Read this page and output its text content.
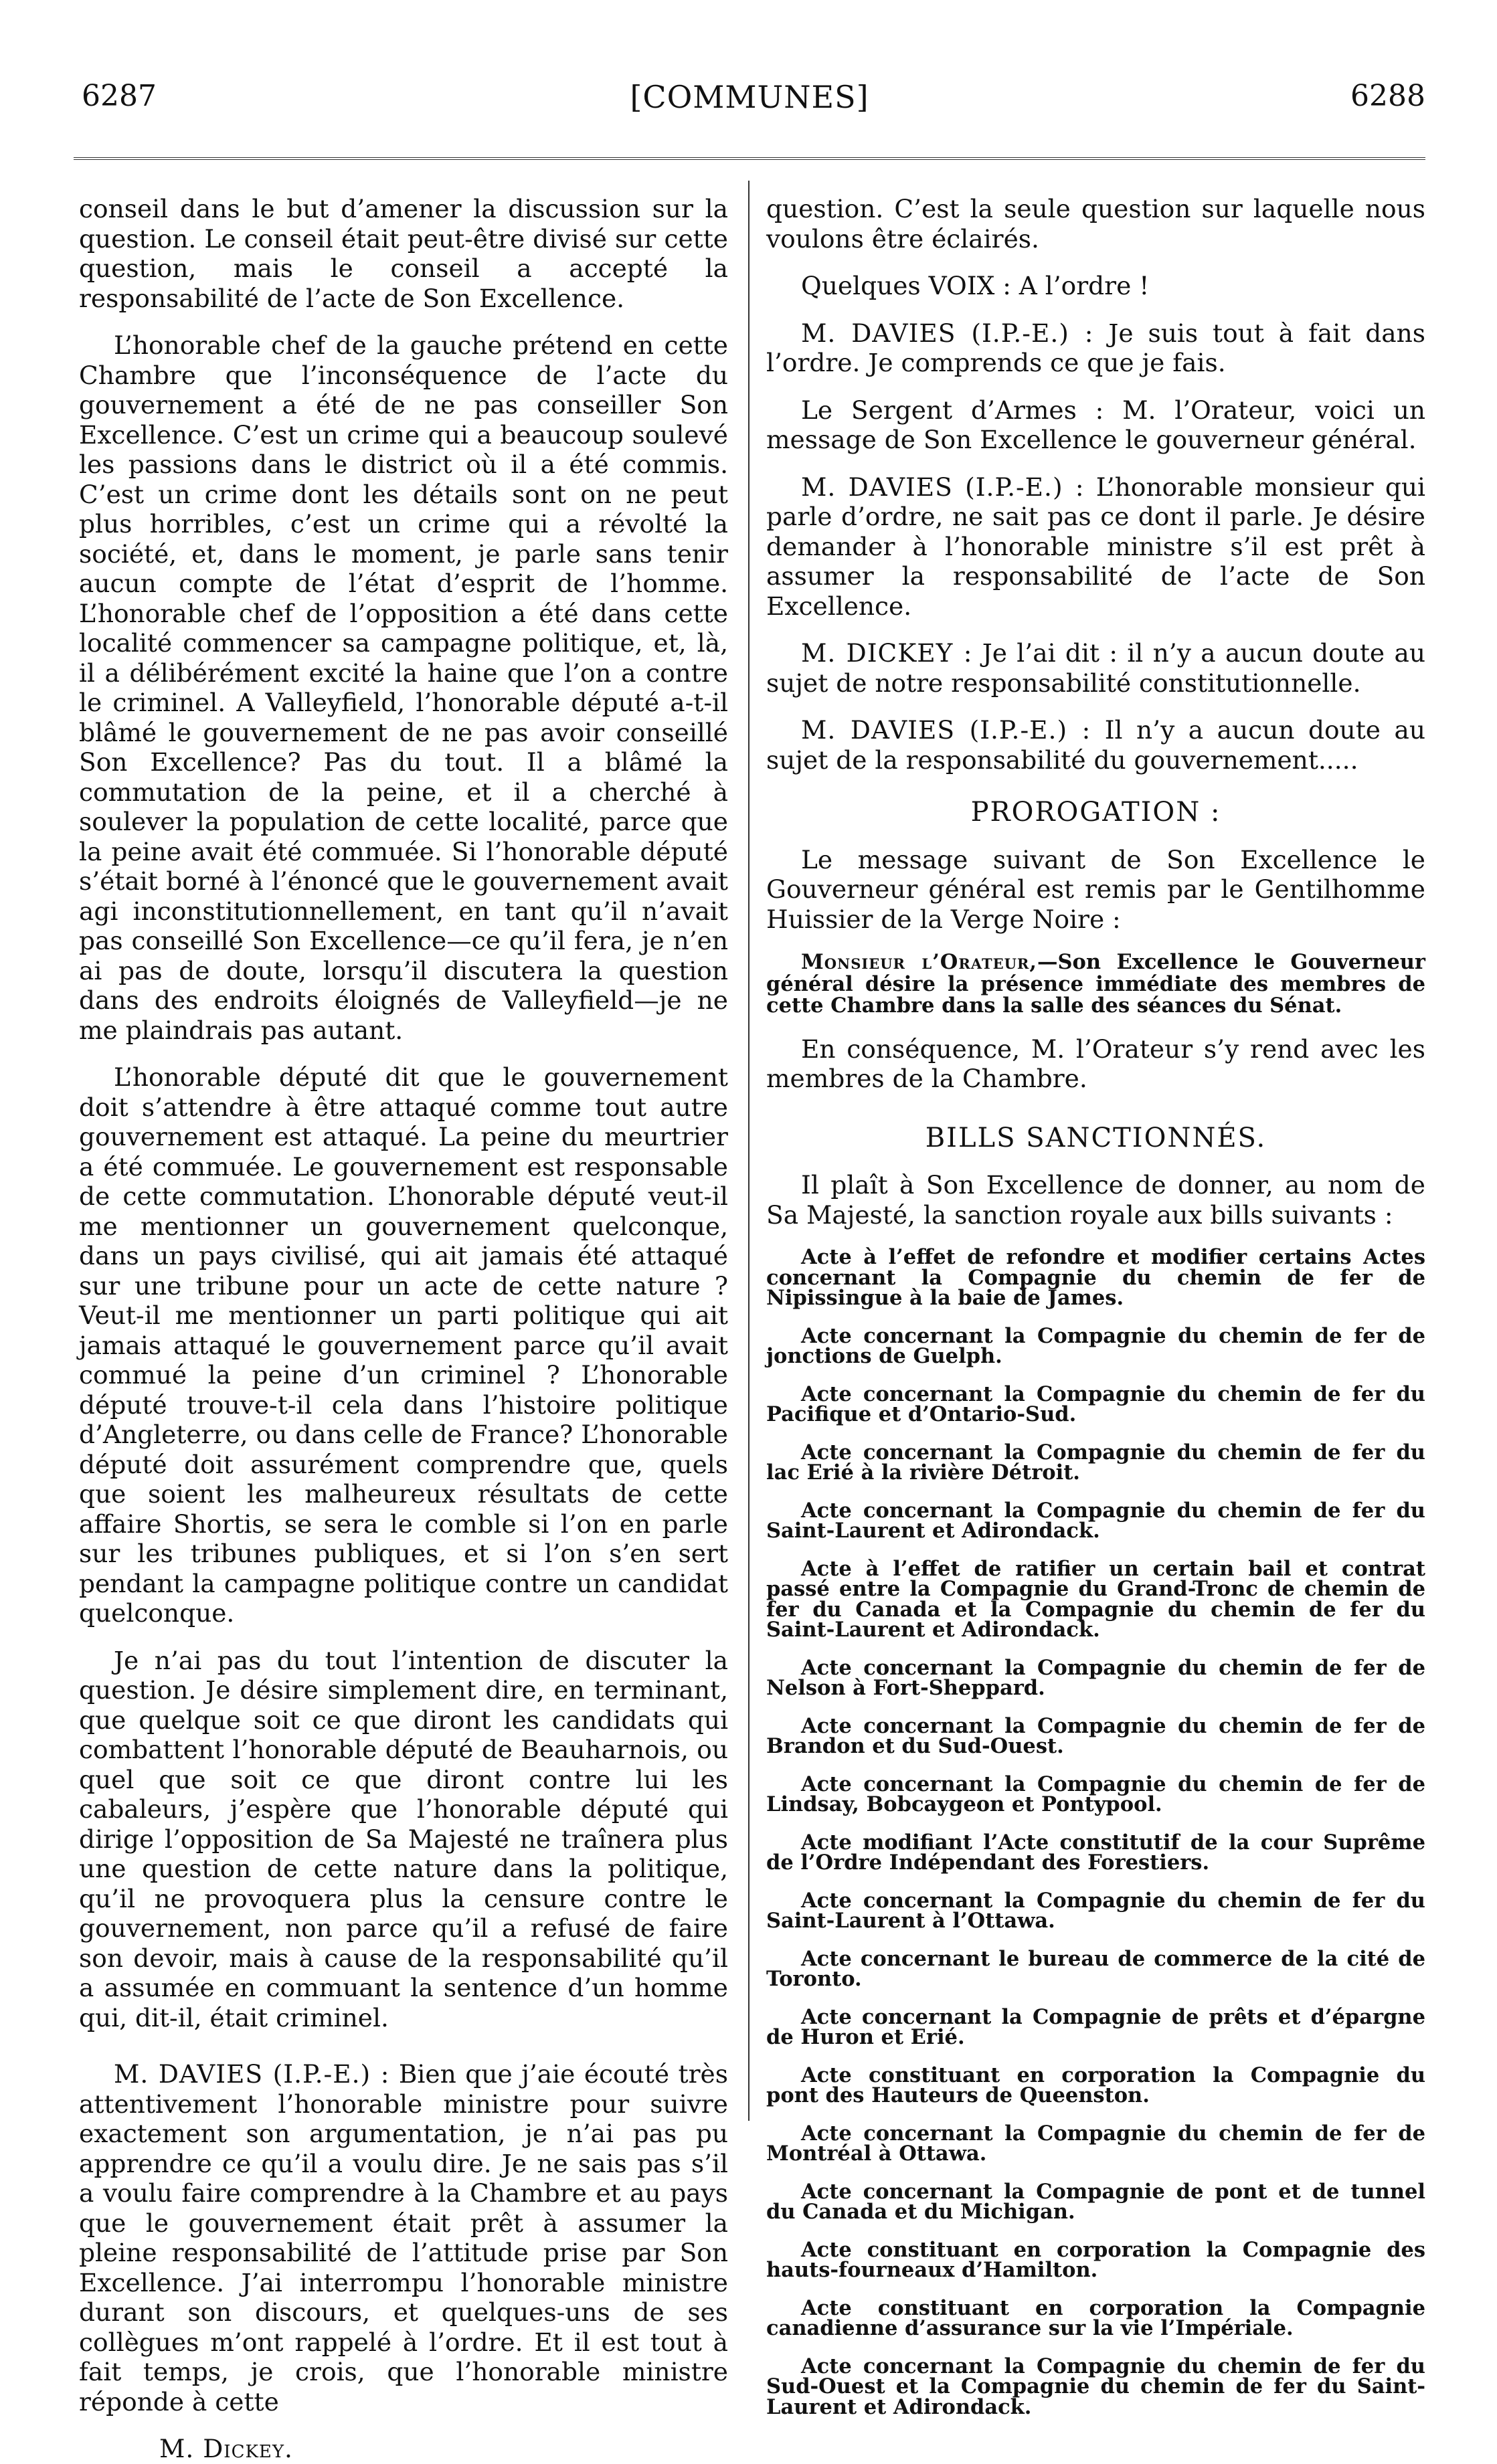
6287	[COMMUNES]	6288

conseil dans le but d’amener la discussion sur la question. Le conseil était peut-être divisé sur cette question, mais le conseil a accepté la responsabilité de l’acte de Son Excellence.

L’honorable chef de la gauche prétend en cette Chambre que l’inconséquence de l’acte du gouvernement a été de ne pas conseiller Son Excellence. C’est un crime qui a beaucoup soulevé les passions dans le district où il a été commis. C’est un crime dont les détails sont on ne peut plus horribles, c’est un crime qui a révolté la société, et, dans le moment, je parle sans tenir aucun compte de l’état d’esprit de l’homme. L’honorable chef de l’opposition a été dans cette localité commencer sa campagne politique, et, là, il a délibérément excité la haine que l’on a contre le criminel. A Valleyfield, l’honorable député a-t-il blâmé le gouvernement de ne pas avoir conseillé Son Excellence? Pas du tout. Il a blâmé la commutation de la peine, et il a cherché à soulever la population de cette localité, parce que la peine avait été commuée. Si l’honorable député s’était borné à l’énoncé que le gouvernement avait agi inconstitutionnellement, en tant qu’il n’avait pas conseillé Son Excellence—ce qu’il fera, je n’en ai pas de doute, lorsqu’il discutera la question dans des endroits éloignés de Valleyfield—je ne me plaindrais pas autant.

L’honorable député dit que le gouvernement doit s’attendre à être attaqué comme tout autre gouvernement est attaqué. La peine du meurtrier a été commuée. Le gouvernement est responsable de cette commutation. L’honorable député veut-il me mentionner un gouvernement quelconque, dans un pays civilisé, qui ait jamais été attaqué sur une tribune pour un acte de cette nature ? Veut-il me mentionner un parti politique qui ait jamais attaqué le gouvernement parce qu’il avait commué la peine d’un criminel ? L’honorable député trouve-t-il cela dans l’histoire politique d’Angleterre, ou dans celle de France? L’honorable député doit assurément comprendre que, quels que soient les malheureux résultats de cette affaire Shortis, se sera le comble si l’on en parle sur les tribunes publiques, et si l’on s’en sert pendant la campagne politique contre un candidat quelconque.

Je n’ai pas du tout l’intention de discuter la question. Je désire simplement dire, en terminant, que quelque soit ce que diront les candidats qui combattent l’honorable député de Beauharnois, ou quel que soit ce que diront contre lui les cabaleurs, j’espère que l’honorable député qui dirige l’opposition de Sa Majesté ne traînera plus une question de cette nature dans la politique, qu’il ne provoquera plus la censure contre le gouvernement, non parce qu’il a refusé de faire son devoir, mais à cause de la responsabilité qu’il a assumée en commuant la sentence d’un homme qui, dit-il, était criminel.

M. DAVIES (I.P.-E.) : Bien que j’aie écouté très attentivement l’honorable ministre pour suivre exactement son argumentation, je n’ai pas pu apprendre ce qu’il a voulu dire. Je ne sais pas s’il a voulu faire comprendre à la Chambre et au pays que le gouvernement était prêt à assumer la pleine responsabilité de l’attitude prise par Son Excellence. J’ai interrompu l’honorable ministre durant son discours, et quelques-uns de ses collègues m’ont rappelé à l’ordre. Et il est tout à fait temps, je crois, que l’honorable ministre réponde à cette

M. Dickey.

question. C’est la seule question sur laquelle nous voulons être éclairés.

Quelques VOIX : A l’ordre !

M. DAVIES (I.P.-E.) : Je suis tout à fait dans l’ordre. Je comprends ce que je fais.

Le Sergent d’Armes : M. l’Orateur, voici un message de Son Excellence le gouverneur général.

M. DAVIES (I.P.-E.) : L’honorable monsieur qui parle d’ordre, ne sait pas ce dont il parle. Je désire demander à l’honorable ministre s’il est prêt à assumer la responsabilité de l’acte de Son Excellence.

M. DICKEY : Je l’ai dit : il n’y a aucun doute au sujet de notre responsabilité constitutionnelle.

M. DAVIES (I.P.-E.) : Il n’y a aucun doute au sujet de la responsabilité du gouvernement.....

PROROGATION :

Le message suivant de Son Excellence le Gouverneur général est remis par le Gentilhomme Huissier de la Verge Noire :

Monsieur l’Orateur,—Son Excellence le Gouverneur général désire la présence immédiate des membres de cette Chambre dans la salle des séances du Sénat.

En conséquence, M. l’Orateur s’y rend avec les membres de la Chambre.

BILLS SANCTIONNÉS.

Il plaît à Son Excellence de donner, au nom de Sa Majesté, la sanction royale aux bills suivants :

Acte à l’effet de refondre et modifier certains Actes concernant la Compagnie du chemin de fer de Nipissingue à la baie de James.

Acte concernant la Compagnie du chemin de fer de jonctions de Guelph.

Acte concernant la Compagnie du chemin de fer du Pacifique et d’Ontario-Sud.

Acte concernant la Compagnie du chemin de fer du lac Erié à la rivière Détroit.

Acte concernant la Compagnie du chemin de fer du Saint-Laurent et Adirondack.

Acte à l’effet de ratifier un certain bail et contrat passé entre la Compagnie du Grand-Tronc de chemin de fer du Canada et la Compagnie du chemin de fer du Saint-Laurent et Adirondack.

Acte concernant la Compagnie du chemin de fer de Nelson à Fort-Sheppard.

Acte concernant la Compagnie du chemin de fer de Brandon et du Sud-Ouest.

Acte concernant la Compagnie du chemin de fer de Lindsay, Bobcaygeon et Pontypool.

Acte modifiant l’Acte constitutif de la cour Suprême de l’Ordre Indépendant des Forestiers.

Acte concernant la Compagnie du chemin de fer du Saint-Laurent à l’Ottawa.

Acte concernant le bureau de commerce de la cité de Toronto.

Acte concernant la Compagnie de prêts et d’épargne de Huron et Erié.

Acte constituant en corporation la Compagnie du pont des Hauteurs de Queenston.

Acte concernant la Compagnie du chemin de fer de Montréal à Ottawa.

Acte concernant la Compagnie de pont et de tunnel du Canada et du Michigan.

Acte constituant en corporation la Compagnie des hauts-fourneaux d’Hamilton.

Acte constituant en corporation la Compagnie canadienne d’assurance sur la vie l’Impériale.

Acte concernant la Compagnie du chemin de fer du Sud-Ouest et la Compagnie du chemin de fer du Saint-Laurent et Adirondack.
